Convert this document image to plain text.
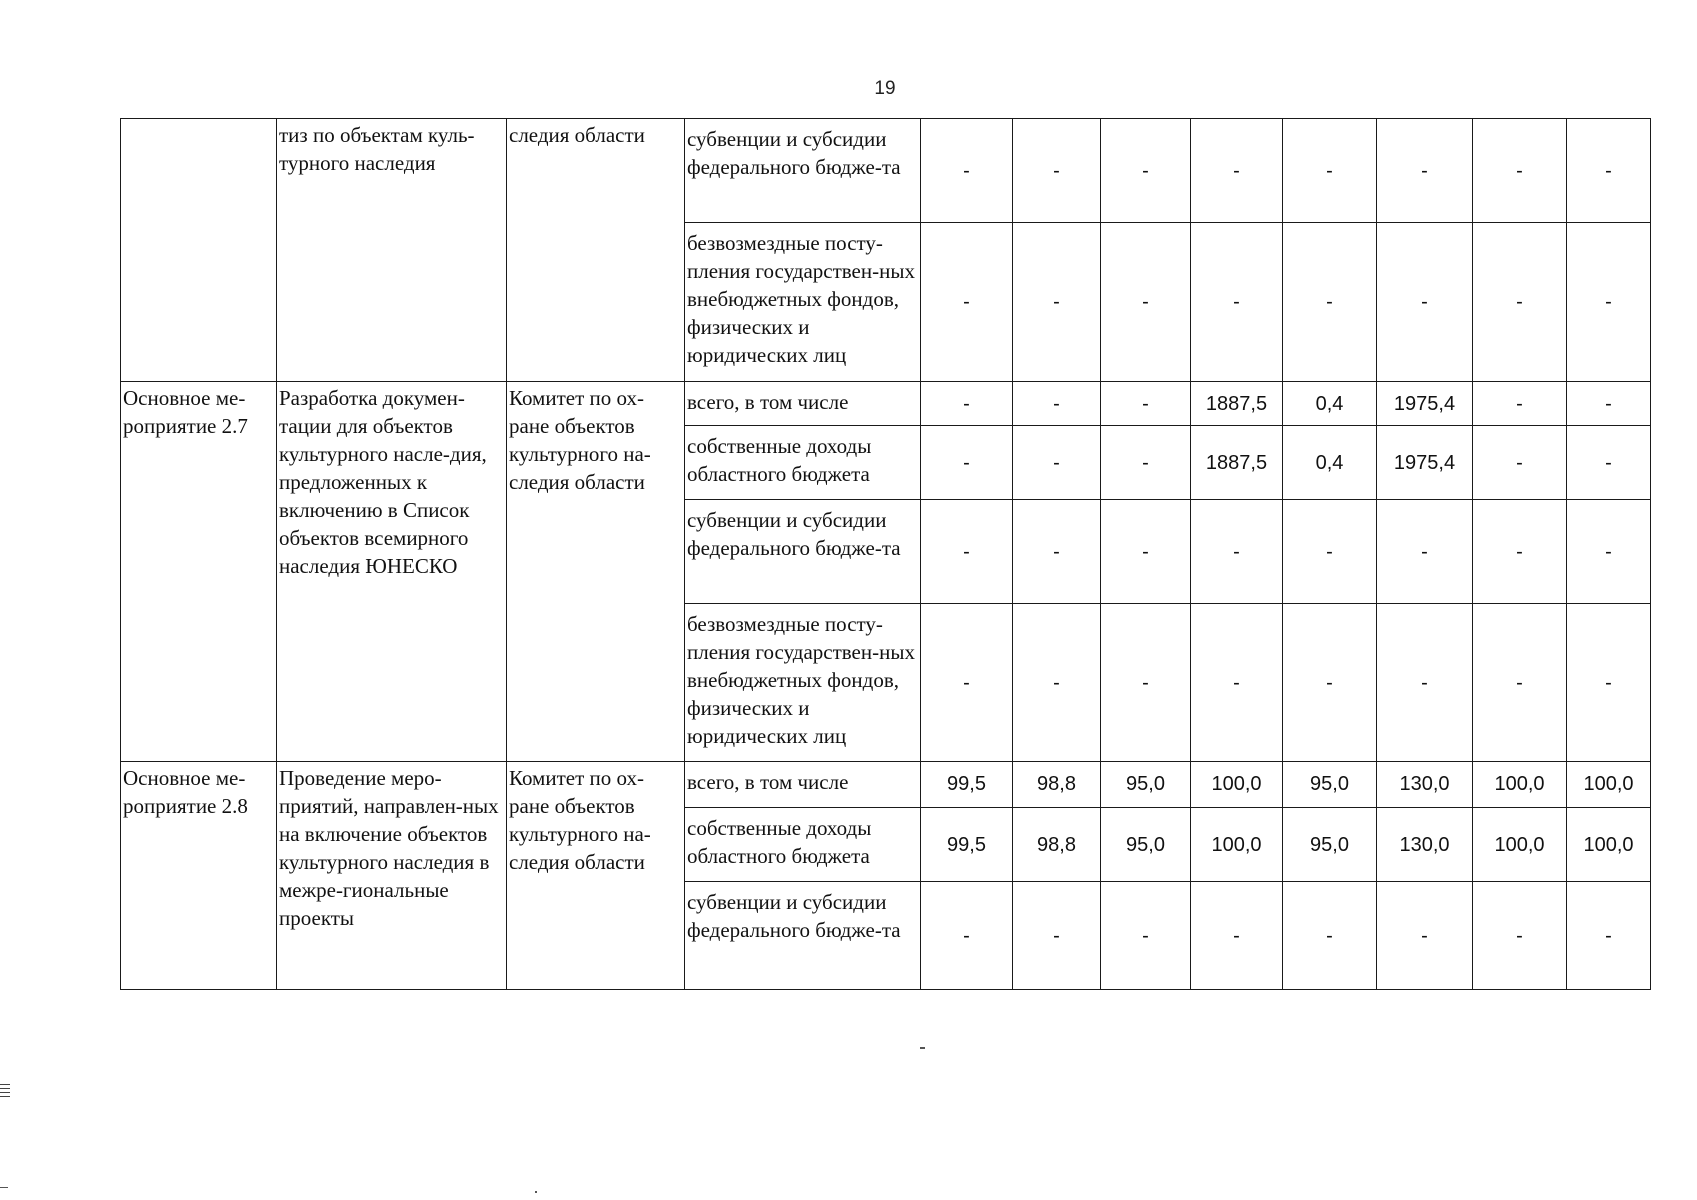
19
	тиз по объектам куль-турного наследия	следия области	субвенции и субсидии федерального бюдже-та	-	-	-	-	-	-	-	-
			безвозмездные посту-пления государствен-ных внебюджетных фондов, физических и юридических лиц	-	-	-	-	-	-	-	-
Основное ме-роприятие 2.7	Разработка докумен-тации для объектов культурного насле-дия, предложенных к включению в Список объектов всемирного наследия ЮНЕСКО	Комитет по ох-ране объектов культурного на-следия области	всего, в том числе	-	-	-	1887,5	0,4	1975,4	-	-
			собственные доходы областного бюджета	-	-	-	1887,5	0,4	1975,4	-	-
			субвенции и субсидии федерального бюдже-та	-	-	-	-	-	-	-	-
			безвозмездные посту-пления государствен-ных внебюджетных фондов, физических и юридических лиц	-	-	-	-	-	-	-	-
Основное ме-роприятие 2.8	Проведение меро-приятий, направлен-ных на включение объектов культурного наследия в межре-гиональные проекты	Комитет по ох-ране объектов культурного на-следия области	всего, в том числе	99,5	98,8	95,0	100,0	95,0	130,0	100,0	100,0
			собственные доходы областного бюджета	99,5	98,8	95,0	100,0	95,0	130,0	100,0	100,0
			субвенции и субсидии федерального бюдже-та	-	-	-	-	-	-	-	-
